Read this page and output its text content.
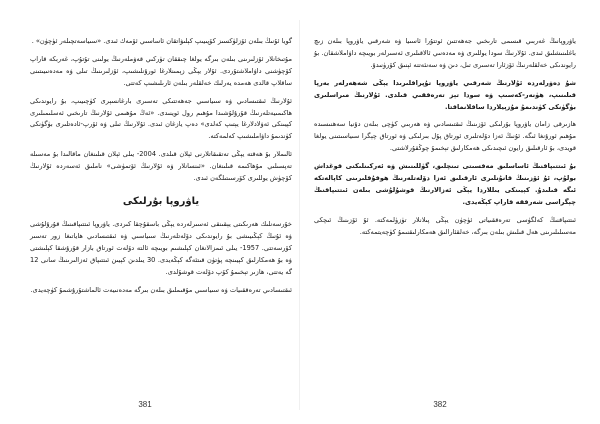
گويا ئۇنىڭ بىلەن ئۆزلۈكسىز كۆپىيىپ كېلىۋاتقان ئاساسىي ئۆمەك ئىدى. «سىياسەتچىلەر ئۈچۈن» .

مۇتىخانلار ئۆزلىرىنى بىلەن بىرگە يولغا چىققان تۈركىي قەۋملەرنىڭ يولىنى تۇتۇپ، غەربكە قاراپ كۆچۈشنى داۋاملاشتۇردى. ئۇلار يېڭى زېمىنلارغا ئورۇنلىشىپ، ئۆزلىرىنىڭ تىلى ۋە مەدەنىيىتىنى ساقلاپ قالدى ھەمدە يەرلىك خەلقلەر بىلەن ئارىلىشىپ كەتتى.

ئۇلارنىڭ ئىقتىسادىي ۋە سىياسىي جەھەتتىكى تەسىرى بارغانسېرى كۈچىيىپ، بۇ رايوندىكى ھاكىمىيەتلەرنىڭ قۇرۇلۇشىدا مۇھىم رول ئوينىدى. «ئەڭ مۇھىمى ئۇلارنىڭ تارىخىي ئەسلىمىلىرى كېيىنكى ئەۋلادلارغا يېتىپ كەلدى» دەپ يازغان ئىدى. ئۇلارنىڭ تىلى ۋە ئۆرپ-ئادەتلىرى بۈگۈنكى كۈندىمۇ داۋاملىشىپ كەلمەكتە.

ئالىملار بۇ ھەقتە يېڭى تەتقىقاتلارنى ئېلان قىلدى. 2004- يىلى ئېلان قىلىنغان ماقالىدا بۇ مەسىلە تەپسىلىي مۇھاكىمە قىلىنغان. «ئىنسانلار ۋە ئۇلارنىڭ ئۆتمۈشى» ناملىق ئەسەردە ئۇلارنىڭ كۆچۈش يوللىرى كۆرسىتىلگەن ئىدى.

ياۋروپا بۇرلىكى

خۇرسەنلىك ھەرىكىتى يېقىنقى ئەسىرلەردە يېڭى باسقۇچقا كىردى. ياۋروپا ئىتتىپاقىنىڭ قۇرۇلۇشى ۋە ئۇنىڭ كېڭىيىشى بۇ رايوندىكى دۆلەتلەرنىڭ سىياسىي ۋە ئىقتىسادىي ھاياتىغا زور تەسىر كۆرسەتتى. 1957- يىلى ئىمزالانغان كېلىشىم بويىچە ئالتە دۆلەت ئورتاق بازار قۇرۇشقا كېلىشتى ۋە بۇ ھەمكارلىق كېيىنچە پۈتۈن قىتئەگە كېڭەيدى. 30 يىلدىن كېيىن ئىتتىپاق ئەزالىرىنىڭ سانى 12 گە يەتتى، ھازىر تېخىمۇ كۆپ دۆلەت قوشۇلدى.

ئىقتىسادىي تەرەققىيات ۋە سىياسىي مۇقىملىق بىلەن بىرگە مەدەنىيەت ئالماشتۇرۇشمۇ كۈچەيدى.

ياۋروپانىڭ غەربىي قىسمى تارىخىي جەھەتتىن ئوتتۇرا ئاسىيا ۋە شەرقىي ياۋروپا بىلەن زىچ باغلىنىشلىق ئىدى. ئۇلارنىڭ سودا يوللىرى ۋە مەدەنىي ئالاقىلىرى ئەسىرلەر بويىچە داۋاملاشقان. بۇ رايوندىكى خەلقلەرنىڭ ئۆزئارا تەسىرى تىل، دىن ۋە سەنئەتتە ئېنىق كۆرۈنىدۇ.

شۇ دەۋرلەردە ئۇلارنىڭ شەرقىي ياۋروپا تۇپراقلىرىدا يېڭى شەھەرلەر بەرپا قىلىنىپ، ھۈنەر-كەسىپ ۋە سودا تېز تەرەققىي قىلدى. ئۇلارنىڭ مىراسلىرى بۈگۈنكى كۈندىمۇ مۇزېيلاردا ساقلانماقتا.

ھازىرقى زامان ياۋروپا بۇرلىكى ئۆزىنىڭ ئىقتىسادىي ۋە ھەربىي كۈچى بىلەن دۇنيا سەھنىسىدە مۇھىم ئورۇنغا ئىگە. ئۇنىڭ ئەزا دۆلەتلىرى ئورتاق پۇل بىرلىكى ۋە ئورتاق چېگرا سىياسىتىنى يولغا قويدى، بۇ ئارقىلىق رايون ئىچىدىكى ھەمكارلىق تېخىمۇ چوڭقۇرلاشتى.

بۇ ئىتتىپاقنىڭ ئاساسلىق مەقسىتى تىنچلىق، گۈللىنىش ۋە ئەركىنلىكنى قوغداش بولۇپ، ئۇ ئۆزىنىڭ قانۇنلىرى ئارقىلىق ئەزا دۆلەتلەرنىڭ ھوقۇقلىرىنى كاپالەتكە ئىگە قىلىدۇ. كېيىنكى يىللاردا يېڭى ئەزالارنىڭ قوشۇلۇشى بىلەن ئىتتىپاقنىڭ چېگراسى شەرققە قاراپ كېڭەيدى.

ئىتتىپاقنىڭ كەلگۈسى تەرەققىياتى ئۈچۈن يېڭى پىلانلار تۈزۈلمەكتە. ئۇ ئۆزىنىڭ ئىچكى مەسىلىلىرىنى ھەل قىلىش بىلەن بىرگە، خەلقئارالىق ھەمكارلىقنىمۇ كۈچەيتمەكتە.

381	382
